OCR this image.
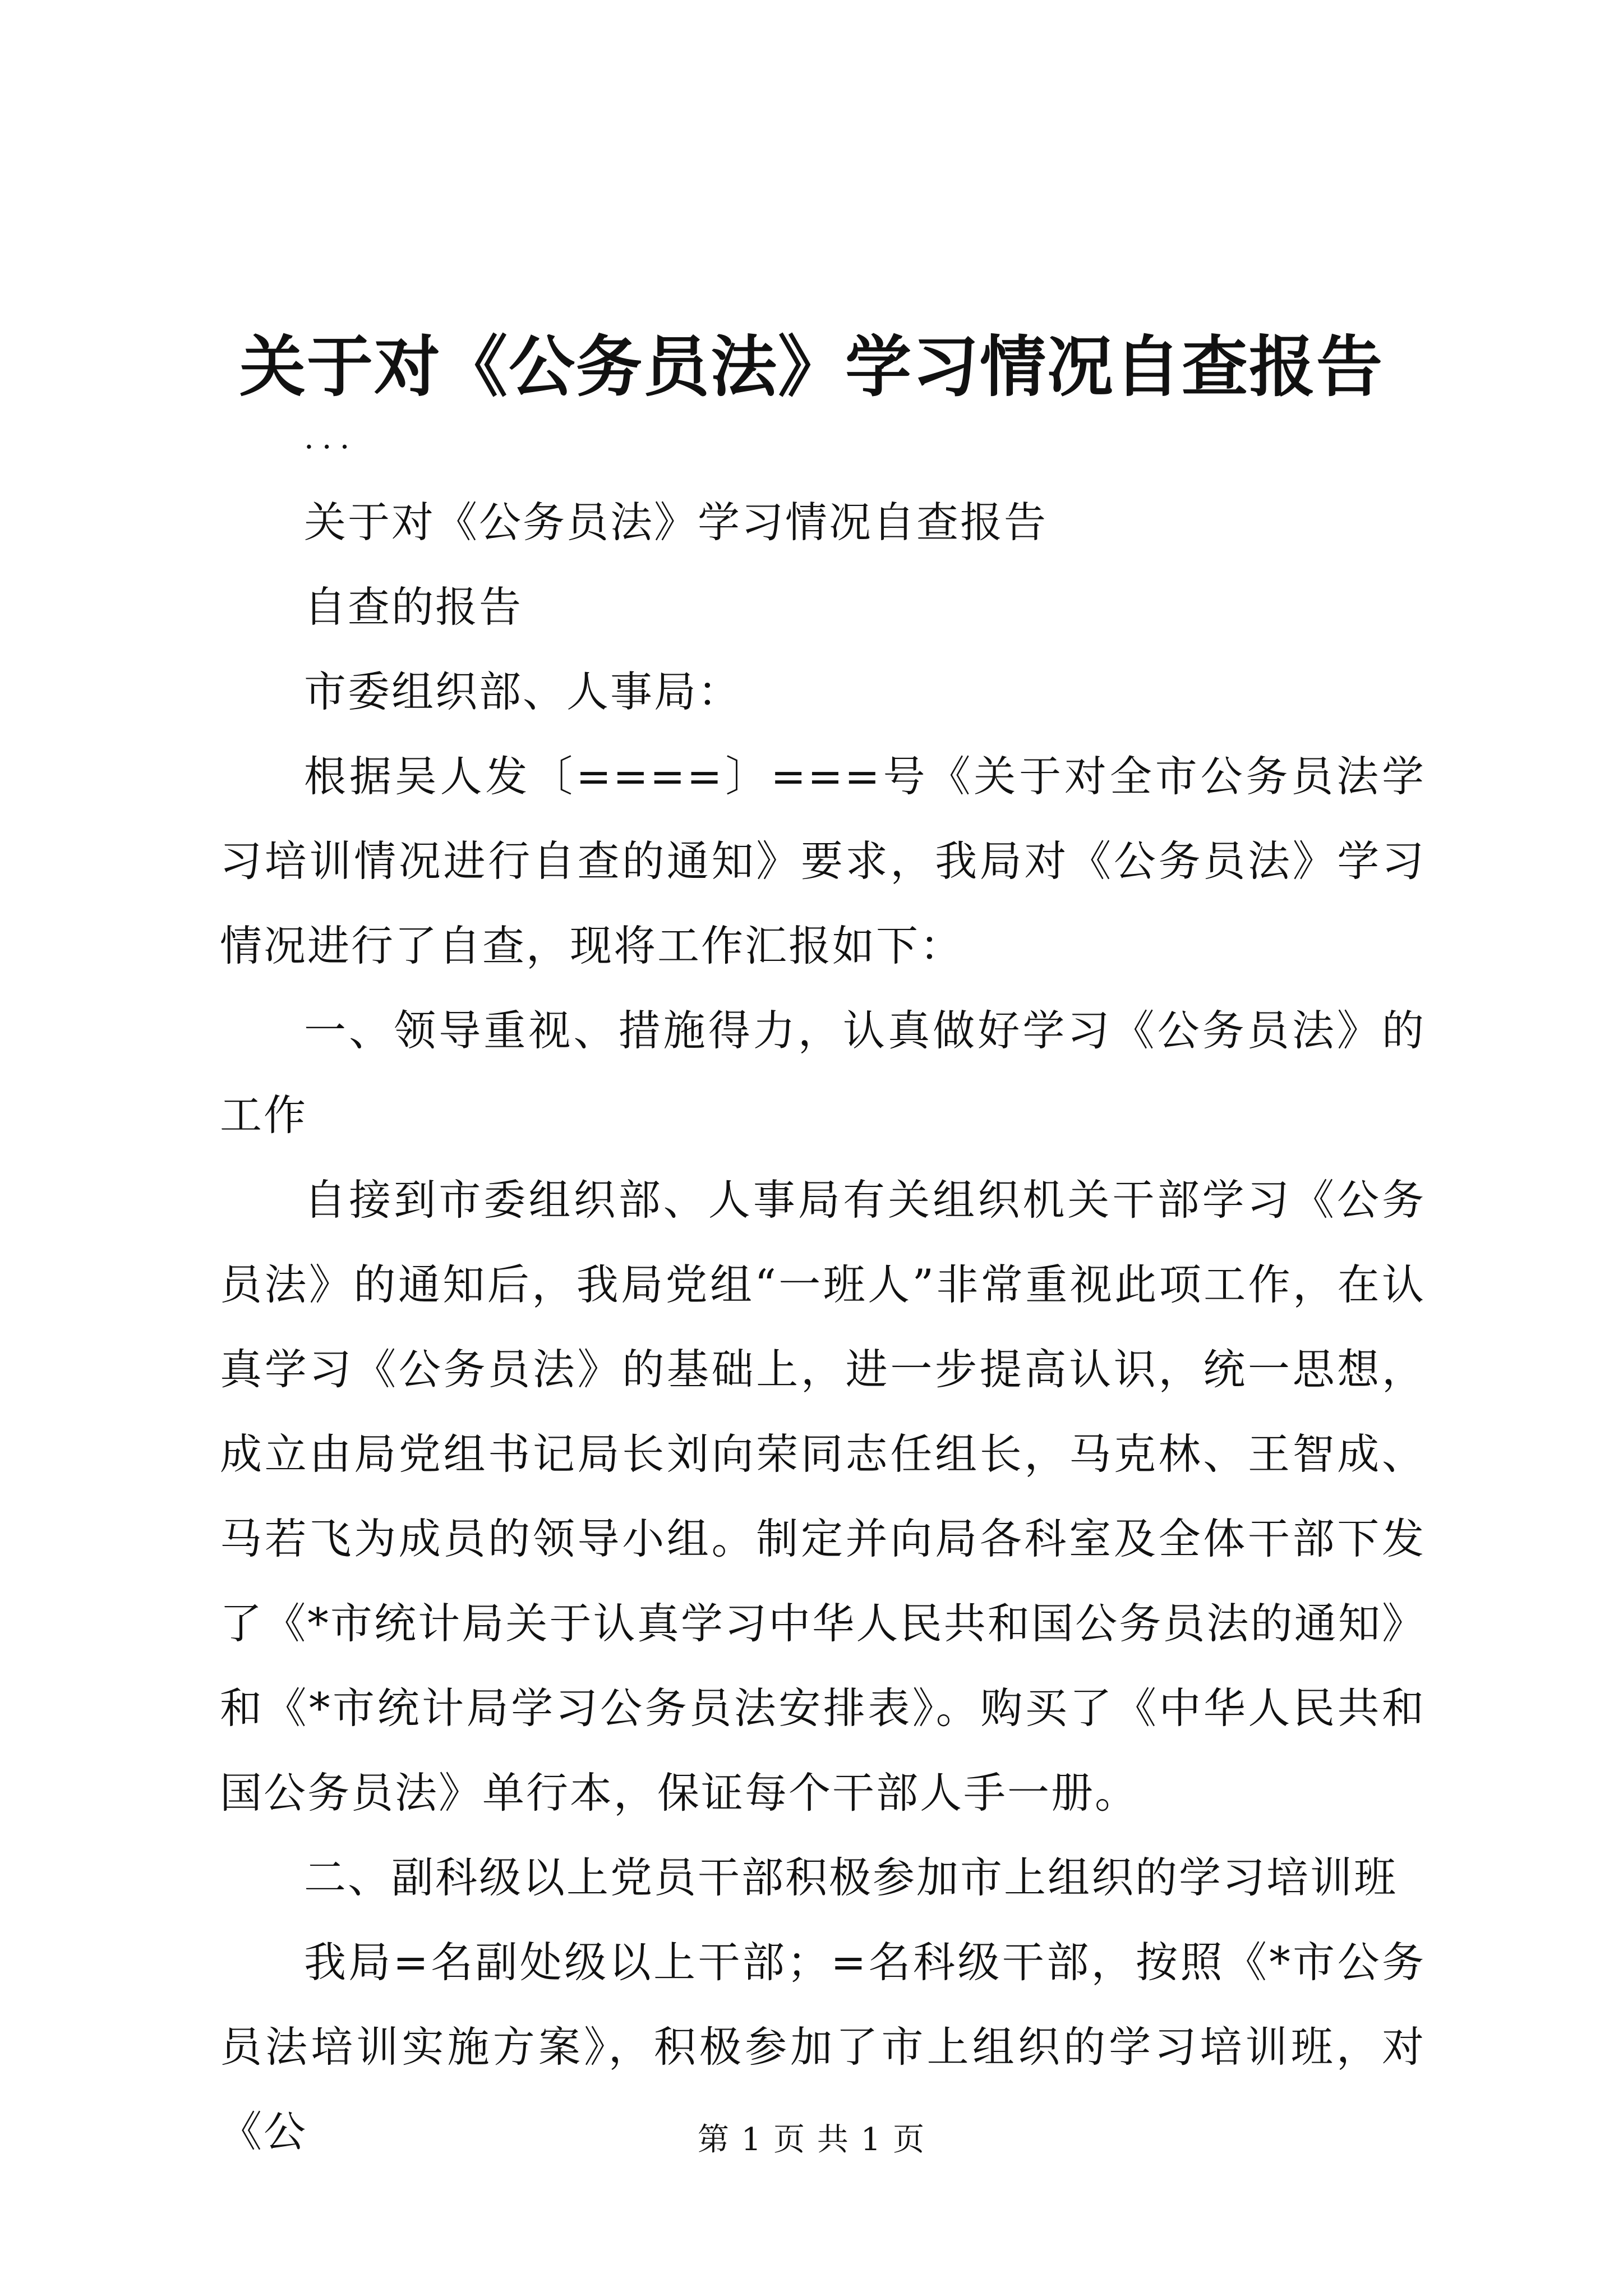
关于对《公务员法》学习情况自查报告

...

关于对《公务员法》学习情况自查报告

自查的报告

市委组织部、人事局：

根据吴人发〔====〕===号《关于对全市公务员法学习培训情况进行自查的通知》要求，我局对《公务员法》学习情况进行了自查，现将工作汇报如下：

一、领导重视、措施得力，认真做好学习《公务员法》的工作

自接到市委组织部、人事局有关组织机关干部学习《公务员法》的通知后，我局党组“一班人”非常重视此项工作，在认真学习《公务员法》的基础上，进一步提高认识，统一思想，成立由局党组书记局长刘向荣同志任组长，马克林、王智成、马若飞为成员的领导小组。制定并向局各科室及全体干部下发了《*市统计局关于认真学习中华人民共和国公务员法的通知》和《*市统计局学习公务员法安排表》。购买了《中华人民共和国公务员法》单行本，保证每个干部人手一册。

二、副科级以上党员干部积极参加市上组织的学习培训班

我局=名副处级以上干部；=名科级干部，按照《*市公务员法培训实施方案》，积极参加了市上组织的学习培训班，对《公	第 1 页 共 1 页
